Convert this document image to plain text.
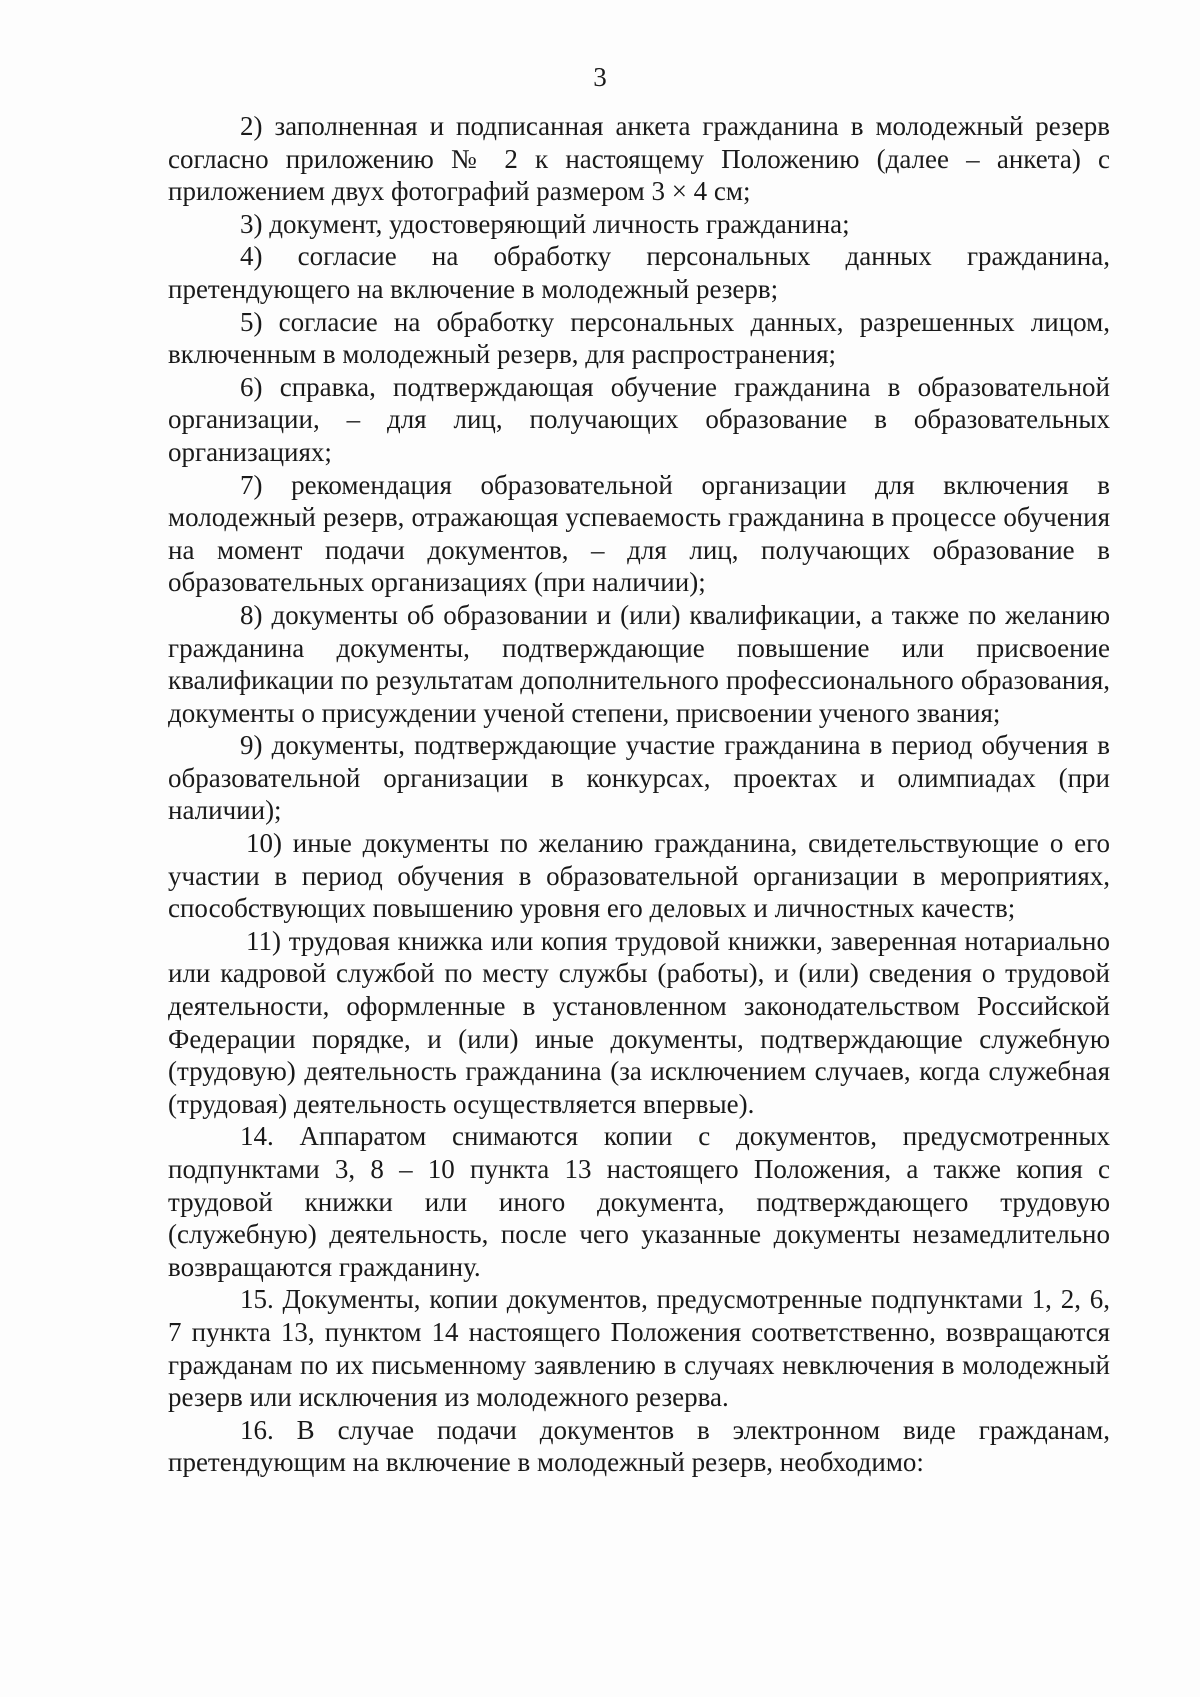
3

2) заполненная и подписанная анкета гражданина в молодежный резерв согласно приложению № 2 к настоящему Положению (далее – анкета) с приложением двух фотографий размером 3 × 4 см;

3) документ, удостоверяющий личность гражданина;

4) согласие на обработку персональных данных гражданина, претендующего на включение в молодежный резерв;

5) согласие на обработку персональных данных, разрешенных лицом, включенным в молодежный резерв, для распространения;

6) справка, подтверждающая обучение гражданина в образовательной организации, – для лиц, получающих образование в образовательных организациях;

7) рекомендация образовательной организации для включения в молодежный резерв, отражающая успеваемость гражданина в процессе обучения на момент подачи документов, – для лиц, получающих образование в образовательных организациях (при наличии);

8) документы об образовании и (или) квалификации, а также по желанию гражданина документы, подтверждающие повышение или присвоение квалификации по результатам дополнительного профессионального образования, документы о присуждении ученой степени, присвоении ученого звания;

9) документы, подтверждающие участие гражданина в период обучения в образовательной организации в конкурсах, проектах и олимпиадах (при наличии);

10) иные документы по желанию гражданина, свидетельствующие о его участии в период обучения в образовательной организации в мероприятиях, способствующих повышению уровня его деловых и личностных качеств;

11) трудовая книжка или копия трудовой книжки, заверенная нотариально или кадровой службой по месту службы (работы), и (или) сведения о трудовой деятельности, оформленные в установленном законодательством Российской Федерации порядке, и (или) иные документы, подтверждающие служебную (трудовую) деятельность гражданина (за исключением случаев, когда служебная (трудовая) деятельность осуществляется впервые).

14. Аппаратом снимаются копии с документов, предусмотренных подпунктами 3, 8 – 10 пункта 13 настоящего Положения, а также копия с трудовой книжки или иного документа, подтверждающего трудовую (служебную) деятельность, после чего указанные документы незамедлительно возвращаются гражданину.

15. Документы, копии документов, предусмотренные подпунктами 1, 2, 6, 7 пункта 13, пунктом 14 настоящего Положения соответственно, возвращаются гражданам по их письменному заявлению в случаях невключения в молодежный резерв или исключения из молодежного резерва.

16. В случае подачи документов в электронном виде гражданам, претендующим на включение в молодежный резерв, необходимо:
